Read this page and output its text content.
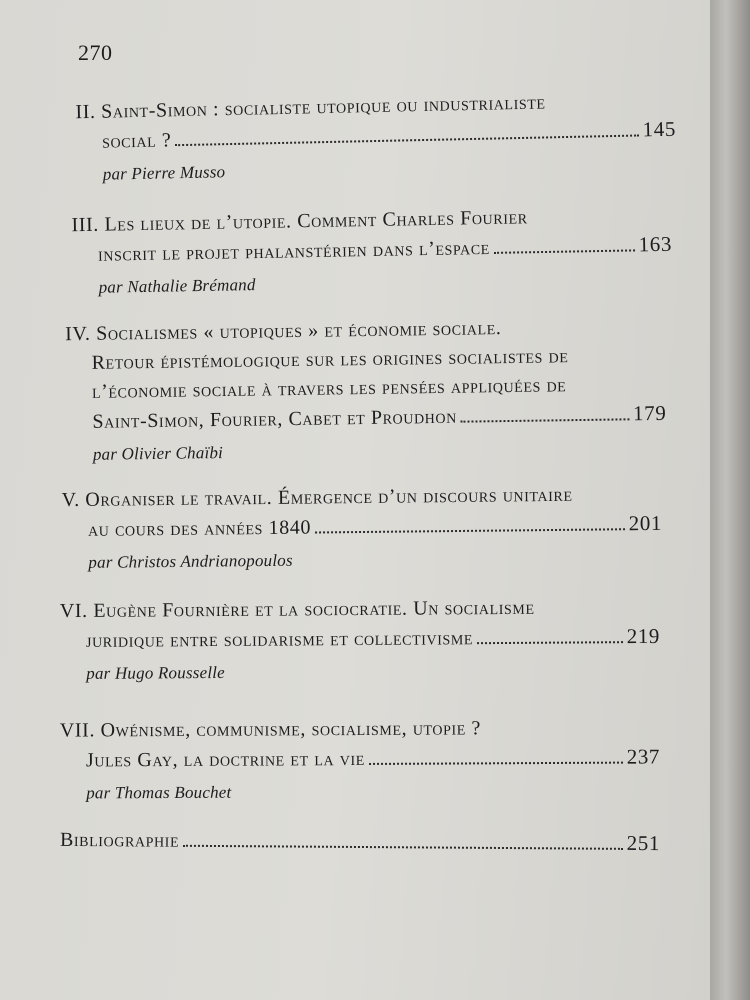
270
II. Saint-Simon : socialiste utopique ou industrialiste
social ?	145
par Pierre Musso
III. Les lieux de l’utopie. Comment Charles Fourier
inscrit le projet phalanstérien dans l’espace	163
par Nathalie Brémand
IV. Socialismes « utopiques » et économie sociale.
Retour épistémologique sur les origines socialistes de
l’économie sociale à travers les pensées appliquées de
Saint-Simon, Fourier, Cabet et Proudhon	179
par Olivier Chaïbi
V. Organiser le travail. Émergence d’un discours unitaire
au cours des années 1840	201
par Christos Andrianopoulos
VI. Eugène Fournière et la sociocratie. Un socialisme
juridique entre solidarisme et collectivisme	219
par Hugo Rousselle
VII. Owénisme, communisme, socialisme, utopie ?
Jules Gay, la doctrine et la vie	237
par Thomas Bouchet
Bibliographie	251
